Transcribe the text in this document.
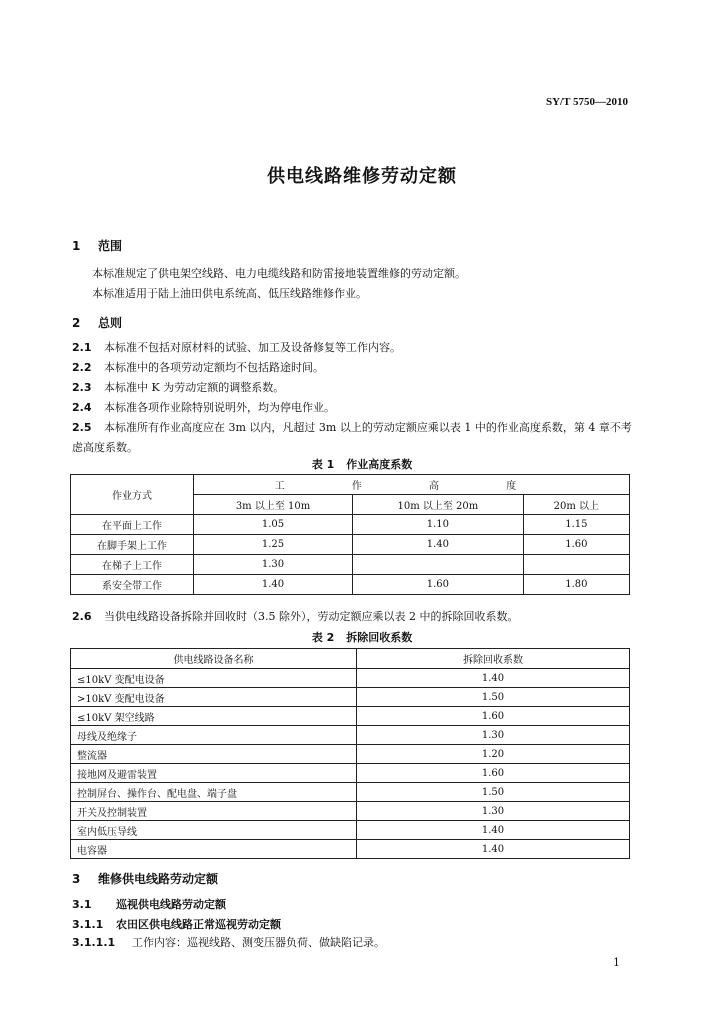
SY/T 5750—2010
供电线路维修劳动定额
1 范围
本标准规定了供电架空线路、电力电缆线路和防雷接地装置维修的劳动定额。
本标准适用于陆上油田供电系统高、低压线路维修作业。
2 总则
2.1 本标准不包括对原材料的试验、加工及设备修复等工作内容。
2.2 本标准中的各项劳动定额均不包括路途时间。
2.3 本标准中 K 为劳动定额的调整系数。
2.4 本标准各项作业除特别说明外，均为停电作业。
2.5 本标准所有作业高度应在 3m 以内，凡超过 3m 以上的劳动定额应乘以表 1 中的作业高度系数，第 4 章不考虑高度系数。
表 1 作业高度系数
作业方式	工 作 高 度		
	3m 以上至 10m	10m 以上至 20m	20m 以上
在平面上工作	1.05	1.10	1.15
在脚手架上工作	1.25	1.40	1.60
在梯子上工作	1.30		
系安全带工作	1.40	1.60	1.80
2.6 当供电线路设备拆除并回收时（3.5 除外），劳动定额应乘以表 2 中的拆除回收系数。
表 2 拆除回收系数
供电线路设备名称	拆除回收系数
≤10kV 变配电设备	1.40
>10kV 变配电设备	1.50
≤10kV 架空线路	1.60
母线及绝缘子	1.30
整流器	1.20
接地网及避雷装置	1.60
控制屏台、操作台、配电盘、端子盘	1.50
开关及控制装置	1.30
室内低压导线	1.40
电容器	1.40
3 维修供电线路劳动定额
3.1 巡视供电线路劳动定额
3.1.1 农田区供电线路正常巡视劳动定额
3.1.1.1 工作内容：巡视线路、测变压器负荷、做缺陷记录。
1
